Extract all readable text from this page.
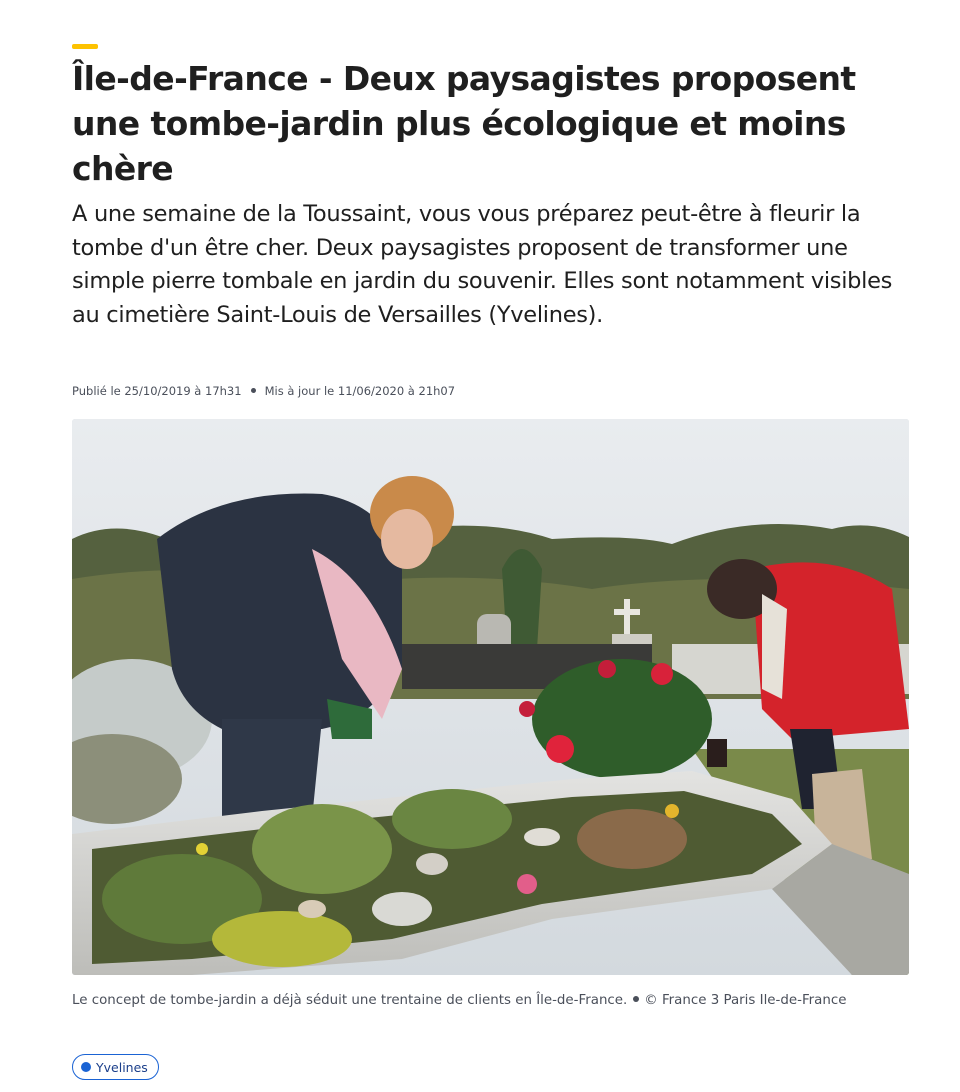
Île-de-France - Deux paysagistes proposent une tombe-jardin plus écologique et moins chère

A une semaine de la Toussaint, vous vous préparez peut-être à fleurir la tombe d'un être cher. Deux paysagistes proposent de transformer une simple pierre tombale en jardin du souvenir. Elles sont notamment visibles au cimetière Saint-Louis de Versailles (Yvelines).

Publié le 25/10/2019 à 17h31 Mis à jour le 11/06/2020 à 21h07

Le concept de tombe-jardin a déjà séduit une trentaine de clients en Île-de-France. © France 3 Paris Ile-de-France

Yvelines
